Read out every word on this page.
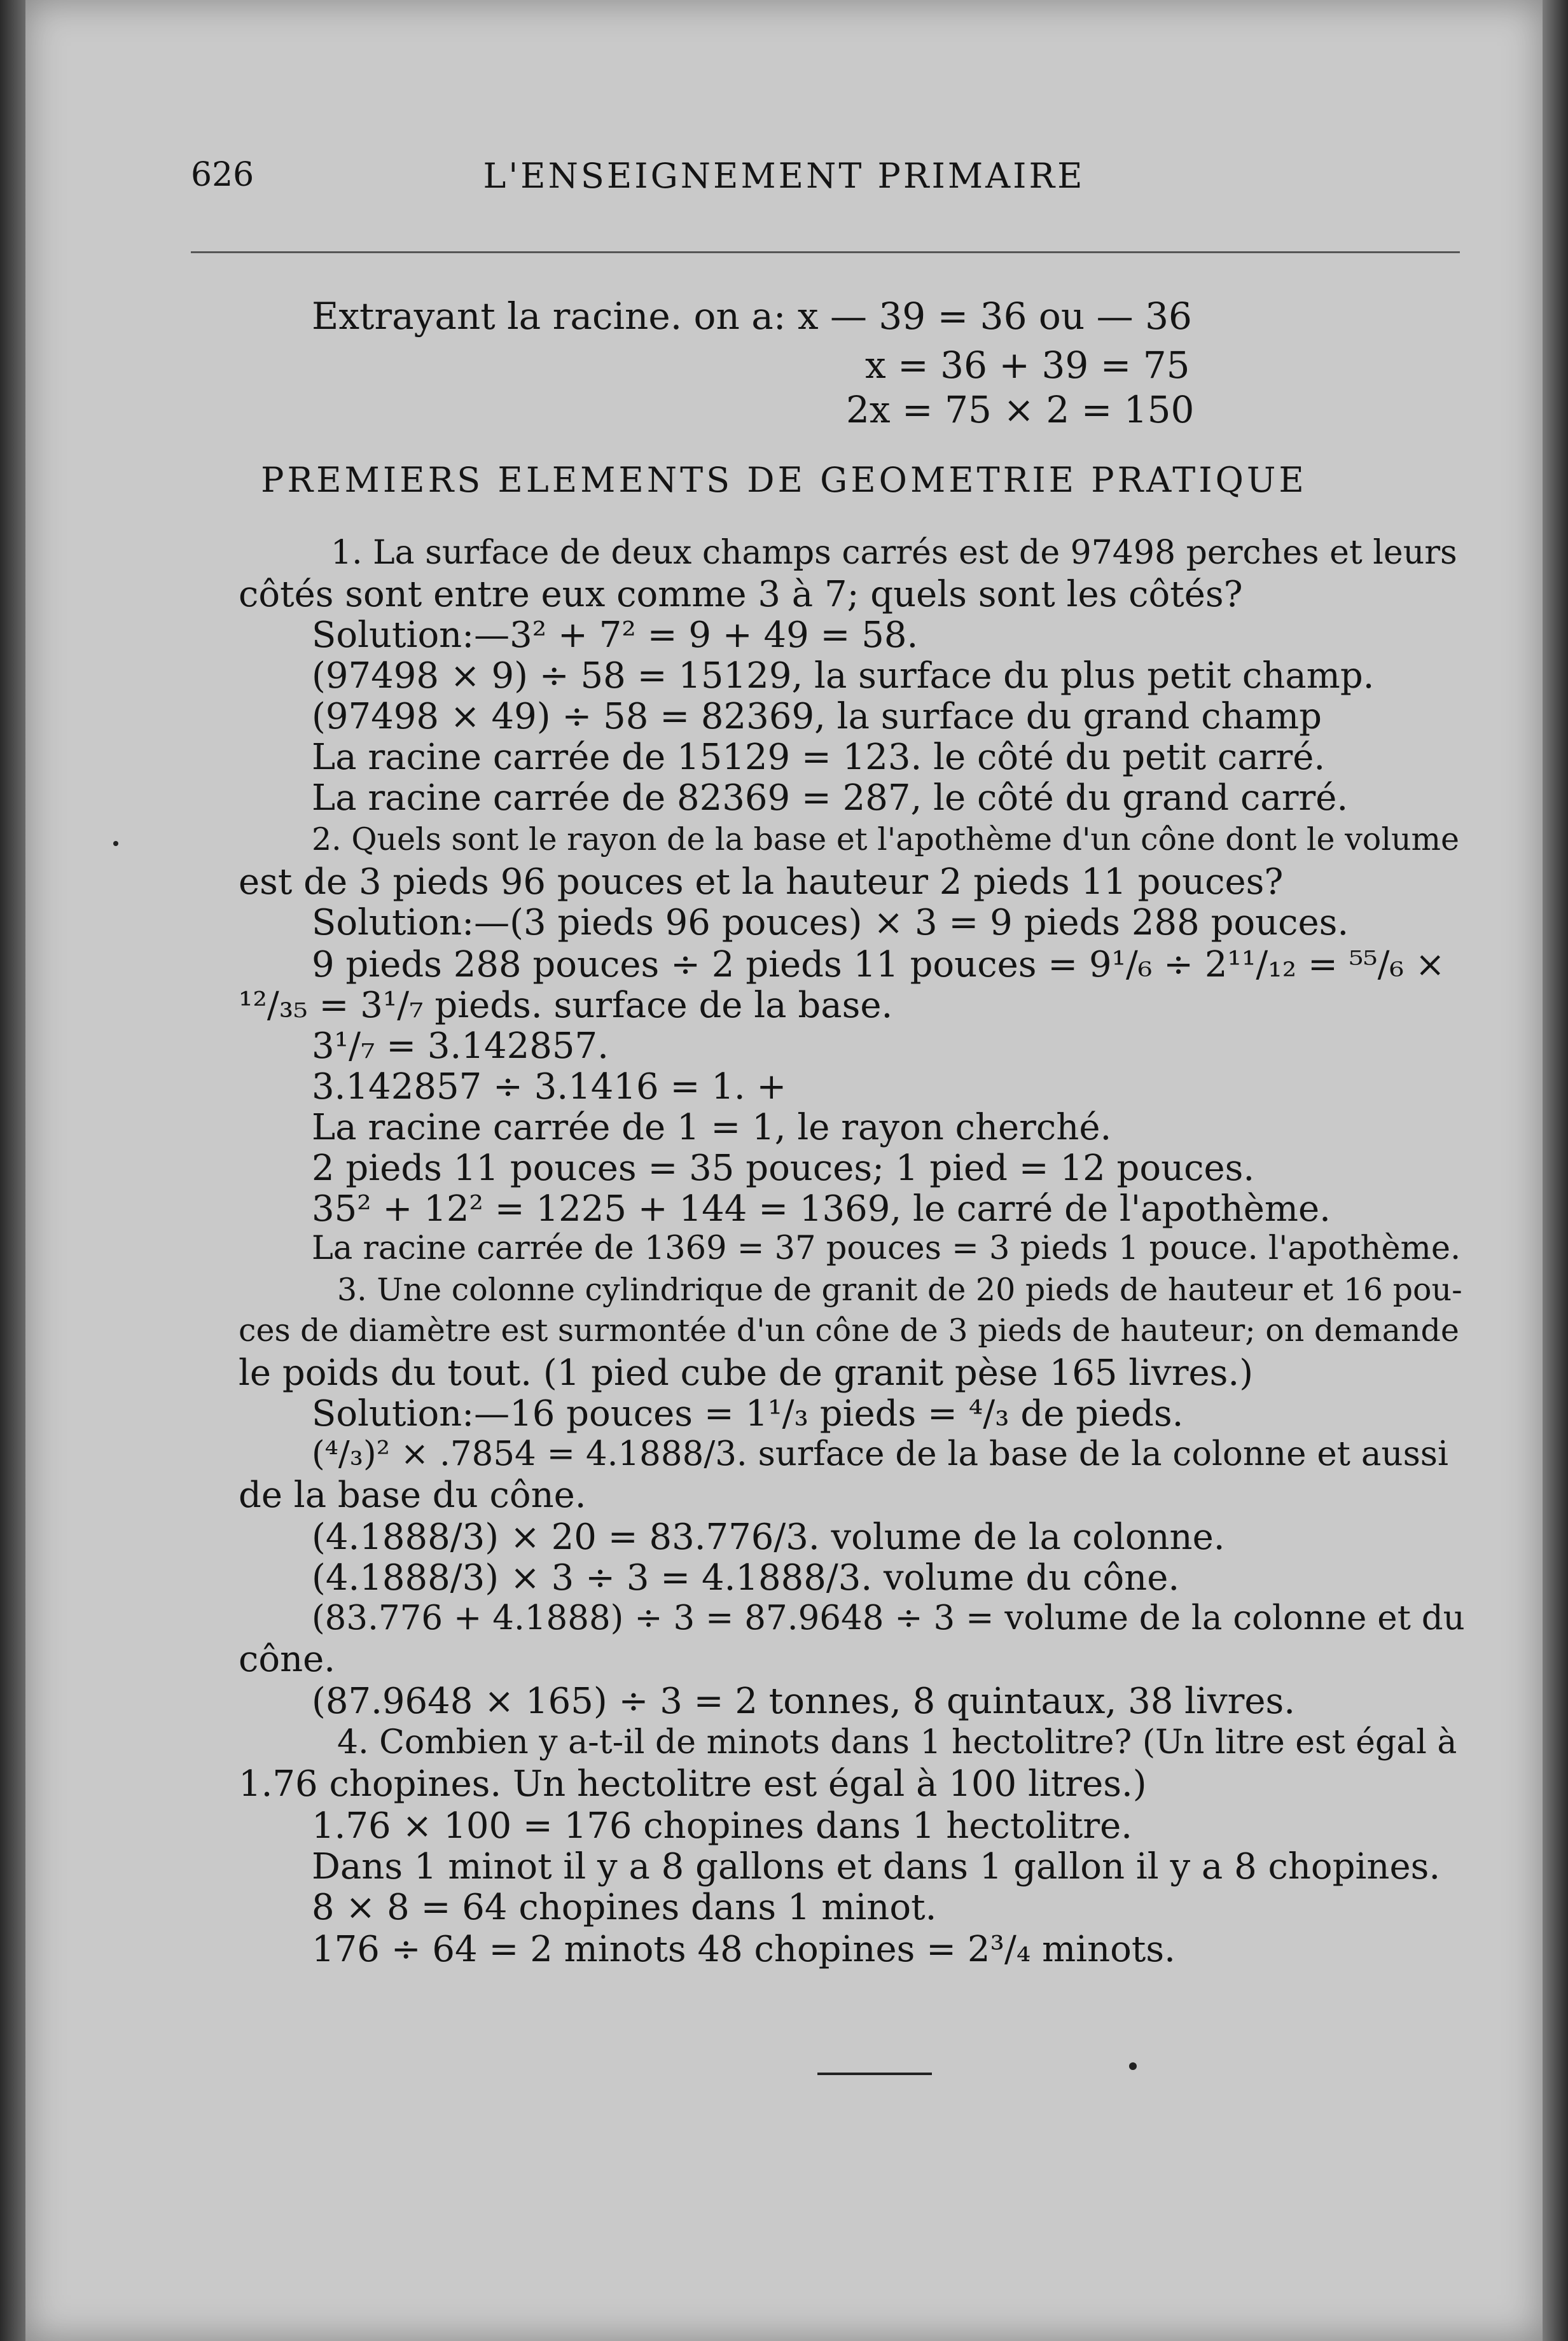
626	L'ENSEIGNEMENT PRIMAIRE
Extrayant la racine. on a: x — 39 = 36 ou — 36
x = 36 + 39 = 75
2x = 75 × 2 = 150
PREMIERS ELEMENTS DE GEOMETRIE PRATIQUE
1. La surface de deux champs carrés est de 97498 perches et leurs
côtés sont entre eux comme 3 à 7; quels sont les côtés?
Solution:—3² + 7² = 9 + 49 = 58.
(97498 × 9) ÷ 58 = 15129, la surface du plus petit champ.
(97498 × 49) ÷ 58 = 82369, la surface du grand champ
La racine carrée de 15129 = 123. le côté du petit carré.
La racine carrée de 82369 = 287, le côté du grand carré.
2. Quels sont le rayon de la base et l'apothème d'un cône dont le volume
est de 3 pieds 96 pouces et la hauteur 2 pieds 11 pouces?
Solution:—(3 pieds 96 pouces) × 3 = 9 pieds 288 pouces.
9 pieds 288 pouces ÷ 2 pieds 11 pouces = 9¹/₆ ÷ 2¹¹/₁₂ = ⁵⁵/₆ ×
¹²/₃₅ = 3¹/₇ pieds. surface de la base.
3¹/₇ = 3.142857.
3.142857 ÷ 3.1416 = 1. +
La racine carrée de 1 = 1, le rayon cherché.
2 pieds 11 pouces = 35 pouces; 1 pied = 12 pouces.
35² + 12² = 1225 + 144 = 1369, le carré de l'apothème.
La racine carrée de 1369 = 37 pouces = 3 pieds 1 pouce. l'apothème.
3. Une colonne cylindrique de granit de 20 pieds de hauteur et 16 pou-
ces de diamètre est surmontée d'un cône de 3 pieds de hauteur; on demande
le poids du tout. (1 pied cube de granit pèse 165 livres.)
Solution:—16 pouces = 1¹/₃ pieds = ⁴/₃ de pieds.
(⁴/₃)² × .7854 = 4.1888/3. surface de la base de la colonne et aussi
de la base du cône.
(4.1888/3) × 20 = 83.776/3. volume de la colonne.
(4.1888/3) × 3 ÷ 3 = 4.1888/3. volume du cône.
(83.776 + 4.1888) ÷ 3 = 87.9648 ÷ 3 = volume de la colonne et du
cône.
(87.9648 × 165) ÷ 3 = 2 tonnes, 8 quintaux, 38 livres.
4. Combien y a-t-il de minots dans 1 hectolitre? (Un litre est égal à
1.76 chopines. Un hectolitre est égal à 100 litres.)
1.76 × 100 = 176 chopines dans 1 hectolitre.
Dans 1 minot il y a 8 gallons et dans 1 gallon il y a 8 chopines.
8 × 8 = 64 chopines dans 1 minot.
176 ÷ 64 = 2 minots 48 chopines = 2³/₄ minots.
